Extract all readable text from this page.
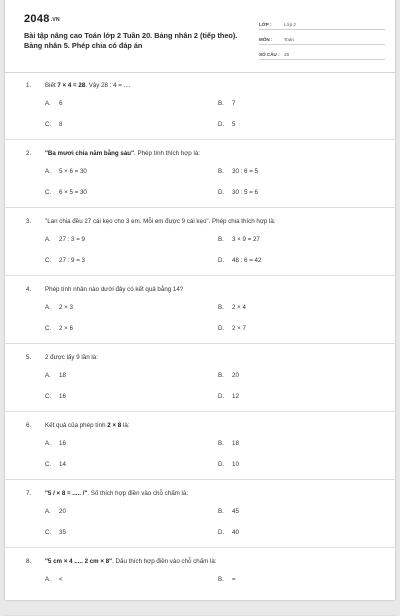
2048.VN
Bài tập nâng cao Toán lớp 2 Tuần 20. Bảng nhân 2 (tiếp theo). Bảng nhân 5. Phép chia có đáp án
LỚP :	Lớp 2
MÔN :	Toán
SỐ CÂU : 28
1. Biết 7 × 4 = 28. Vậy 28 : 4 = ....
A. 6	B. 7
C. 8	D. 5
2. "Ba mươi chia năm bằng sáu". Phép tính thích hợp là:
A. 5 × 6 = 30	B. 30 : 6 = 5
C. 6 × 5 = 30	D. 30 : 5 = 6
3. "Lan chia đều 27 cái kẹo cho 3 em. Mỗi em được 9 cái kẹo". Phép chia thích hợp là:
A. 27 : 3 = 9	B. 3 × 9 = 27
C. 27 : 9 = 3	D. 48 : 6 = 42
4. Phép tính nhân nào dưới đây có kết quả bằng 14?
A. 2 × 3	B. 2 × 4
C. 2 × 6	D. 2 × 7
5. 2 được lấy 9 lần là:
A. 18	B. 20
C. 16	D. 12
6. Kết quả của phép tính 2 × 8 là:
A. 16	B. 18
C. 14	D. 10
7. "5 / × 8 = ..... /". Số thích hợp điền vào chỗ chấm là:
A. 20	B. 45
C. 35	D. 40
8. "5 cm × 4 ..... 2 cm × 8". Dấu thích hợp điền vào chỗ chấm là:
A. <	B. =
